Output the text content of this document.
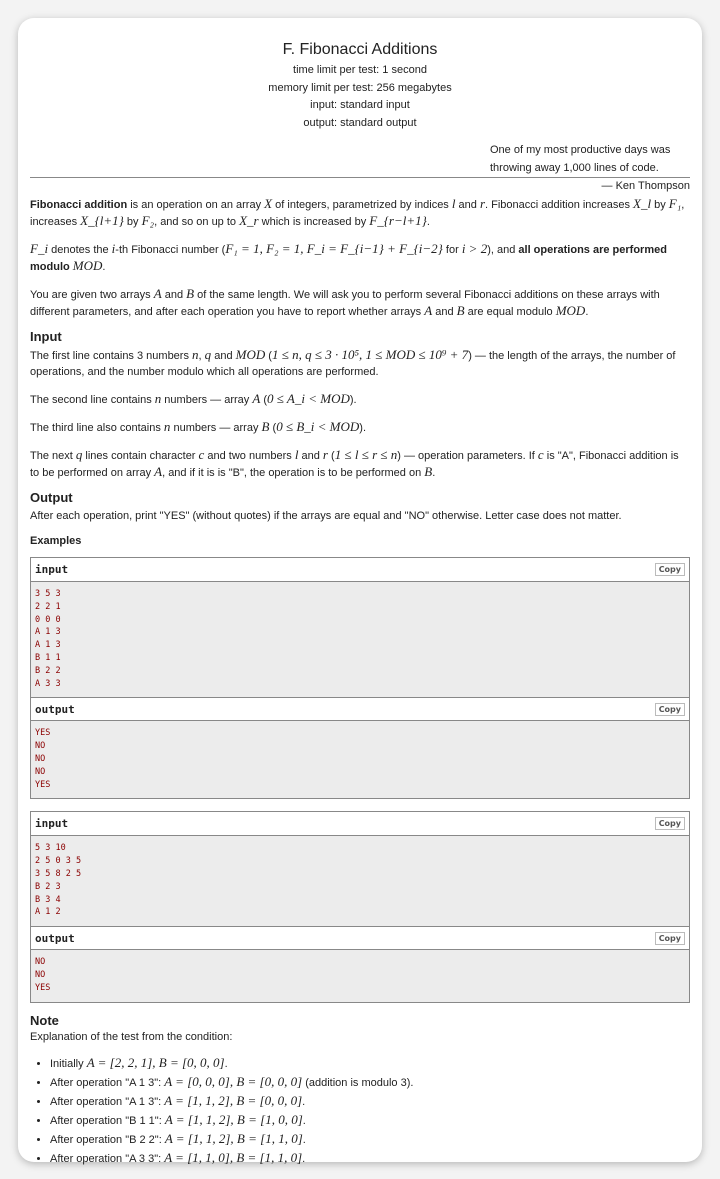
F. Fibonacci Additions
time limit per test: 1 second
memory limit per test: 256 megabytes
input: standard input
output: standard output
One of my most productive days was throwing away 1,000 lines of code.
— Ken Thompson

Fibonacci addition is an operation on an array X of integers, parametrized by indices l and r. Fibonacci addition increases X_l by F₁, increases X_{l+1} by F₂, and so on up to X_r which is increased by F_{r−l+1}.

F_i denotes the i-th Fibonacci number (F₁ = 1, F₂ = 1, F_i = F_{i−1} + F_{i−2} for i > 2), and all operations are performed modulo MOD.

You are given two arrays A and B of the same length. We will ask you to perform several Fibonacci additions on these arrays with different parameters, and after each operation you have to report whether arrays A and B are equal modulo MOD.

Input

The first line contains 3 numbers n, q and MOD (1 ≤ n, q ≤ 3 · 10⁵, 1 ≤ MOD ≤ 10⁹ + 7) — the length of the arrays, the number of operations, and the number modulo which all operations are performed.

The second line contains n numbers — array A (0 ≤ A_i < MOD).

The third line also contains n numbers — array B (0 ≤ B_i < MOD).

The next q lines contain character c and two numbers l and r (1 ≤ l ≤ r ≤ n) — operation parameters. If c is "A", Fibonacci addition is to be performed on array A, and if it is is "B", the operation is to be performed on B.

Output

After each operation, print "YES" (without quotes) if the arrays are equal and "NO" otherwise. Letter case does not matter.

Examples
input	Copy
3 5 3
2 2 1
0 0 0
A 1 3
A 1 3
B 1 1
B 2 2
A 3 3
output	Copy
YES
NO
NO
NO
YES
input	Copy
5 3 10
2 5 0 3 5
3 5 8 2 5
B 2 3
B 3 4
A 1 2
output	Copy
NO
NO
YES
Note
Explanation of the test from the condition:
• Initially A = [2, 2, 1], B = [0, 0, 0].
• After operation "A 1 3": A = [0, 0, 0], B = [0, 0, 0] (addition is modulo 3).
• After operation "A 1 3": A = [1, 1, 2], B = [0, 0, 0].
• After operation "B 1 1": A = [1, 1, 2], B = [1, 0, 0].
• After operation "B 2 2": A = [1, 1, 2], B = [1, 1, 0].
• After operation "A 3 3": A = [1, 1, 0], B = [1, 1, 0].
